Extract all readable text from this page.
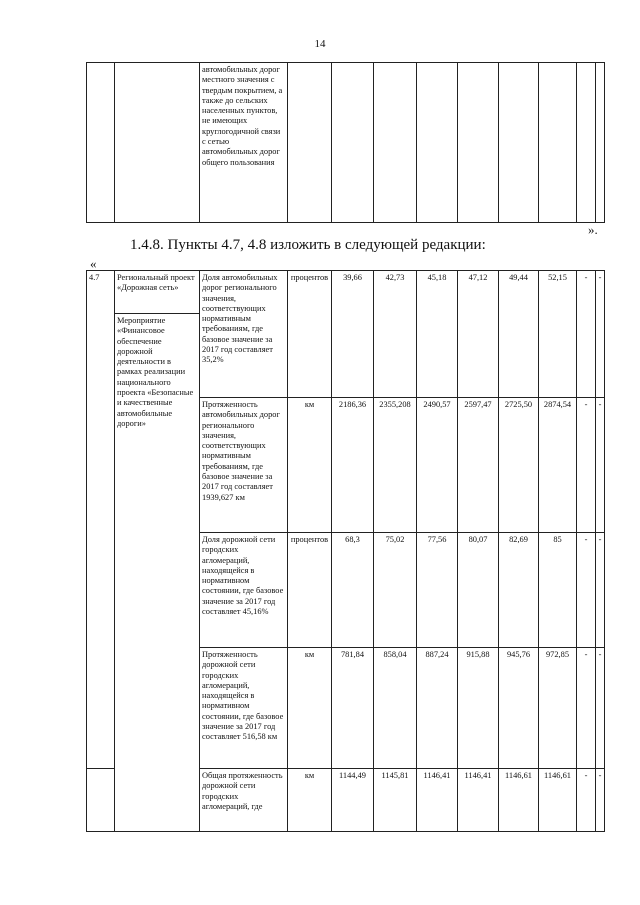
14
		автомобильных дорог местного значения с твердым покрытием, а также до сельских населенных пунктов, не имеющих круглогодичной связи с сетью автомобильных дорог общего пользования									
».
1.4.8. Пункты 4.7, 4.8 изложить в следующей редакции:
«
4.7	Региональный проект «Дорожная сеть»	Доля автомобильных дорог регионального значения, соответствующих нормативным требованиям, где базовое значение за 2017 год составляет 35,2%	процентов	39,66	42,73	45,18	47,12	49,44	52,15	-	-
	Мероприятие «Финансовое обеспечение дорожной деятельности в рамках реализации национального проекта «Безопасные и качественные автомобильные дороги»										
		Протяженность автомобильных дорог регионального значения, соответствующих нормативным требованиям, где базовое значение за 2017 год составляет 1939,627 км	км	2186,36	2355,208	2490,57	2597,47	2725,50	2874,54	-	-
		Доля дорожной сети городских агломераций, находящейся в нормативном состоянии, где базовое значение за 2017 год составляет 45,16%	процентов	68,3	75,02	77,56	80,07	82,69	85	-	-
		Протяженность дорожной сети городских агломераций, находящейся в нормативном состоянии, где базовое значение за 2017 год составляет 516,58 км	км	781,84	858,04	887,24	915,88	945,76	972,85	-	-
		Общая протяженность дорожной сети городских агломераций, где	км	1144,49	1145,81	1146,41	1146,41	1146,61	1146,61	-	-
